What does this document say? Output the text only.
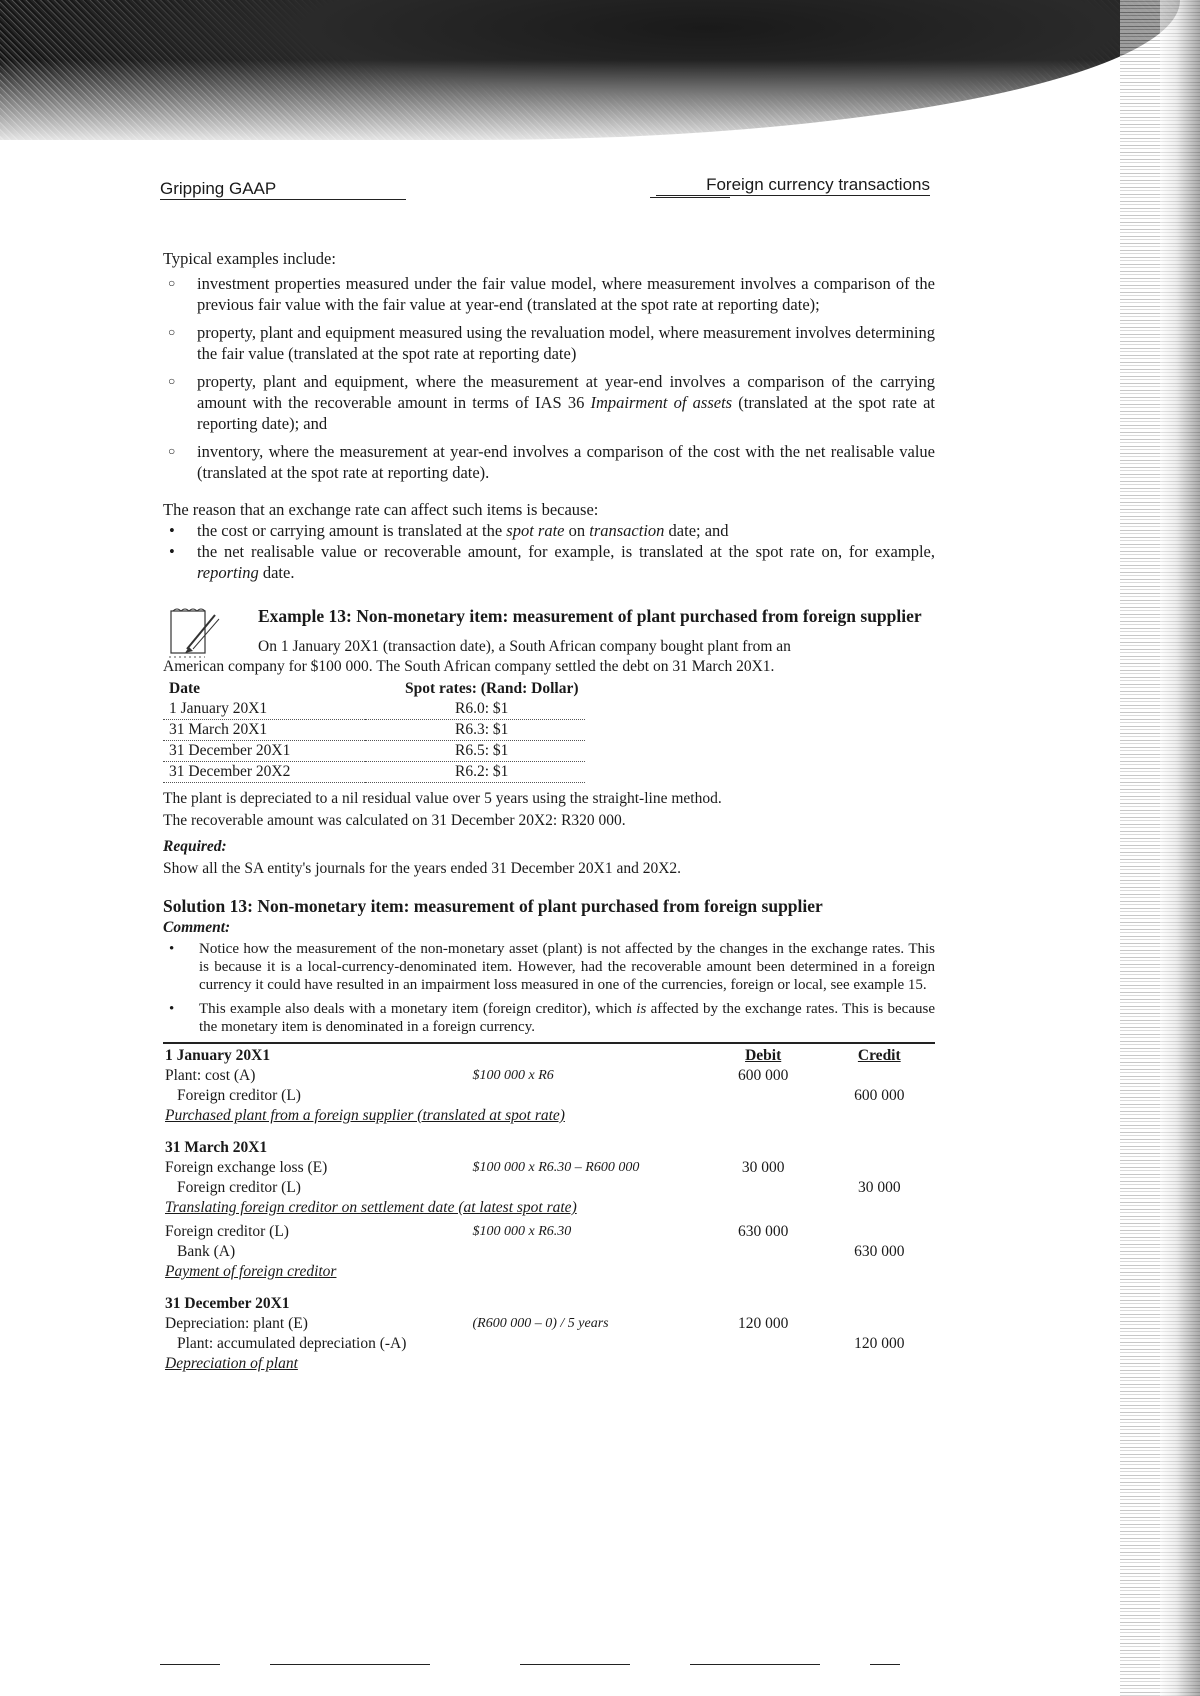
Gripping GAAP	Foreign currency transactions

Typical examples include:

○ investment properties measured under the fair value model, where measurement involves a comparison of the previous fair value with the fair value at year-end (translated at the spot rate at reporting date);
○ property, plant and equipment measured using the revaluation model, where measurement involves determining the fair value (translated at the spot rate at reporting date)
○ property, plant and equipment, where the measurement at year-end involves a comparison of the carrying amount with the recoverable amount in terms of IAS 36 Impairment of assets (translated at the spot rate at reporting date); and
○ inventory, where the measurement at year-end involves a comparison of the cost with the net realisable value (translated at the spot rate at reporting date).

The reason that an exchange rate can affect such items is because:

• the cost or carrying amount is translated at the spot rate on transaction date; and
• the net realisable value or recoverable amount, for example, is translated at the spot rate on, for example, reporting date.
Example 13: Non-monetary item: measurement of plant purchased from foreign supplier
On 1 January 20X1 (transaction date), a South African company bought plant from an
American company for $100 000. The South African company settled the debt on 31 March 20X1.
Date	Spot rates: (Rand: Dollar)
1 January 20X1	R6.0: $1
31 March 20X1	R6.3: $1
31 December 20X1	R6.5: $1
31 December 20X2	R6.2: $1

The plant is depreciated to a nil residual value over 5 years using the straight-line method.

The recoverable amount was calculated on 31 December 20X2: R320 000.

Required:

Show all the SA entity's journals for the years ended 31 December 20X1 and 20X2.

Solution 13: Non-monetary item: measurement of plant purchased from foreign supplier
Comment:
• Notice how the measurement of the non-monetary asset (plant) is not affected by the changes in the exchange rates. This is because it is a local-currency-denominated item. However, had the recoverable amount been determined in a foreign currency it could have resulted in an impairment loss measured in one of the currencies, foreign or local, see example 15.
• This example also deals with a monetary item (foreign creditor), which is affected by the exchange rates. This is because the monetary item is denominated in a foreign currency.
1 January 20X1		Debit	Credit
Plant: cost (A)	$100 000 x R6	600 000	
Foreign creditor (L)			600 000
Purchased plant from a foreign supplier (translated at spot rate)			
31 March 20X1			
Foreign exchange loss (E)	$100 000 x R6.30 – R600 000	30 000	
Foreign creditor (L)			30 000
Translating foreign creditor on settlement date (at latest spot rate)			
Foreign creditor (L)	$100 000 x R6.30	630 000	
Bank (A)			630 000
Payment of foreign creditor			
31 December 20X1			
Depreciation: plant (E)	(R600 000 – 0) / 5 years	120 000	
Plant: accumulated depreciation (-A)			120 000
Depreciation of plant			
